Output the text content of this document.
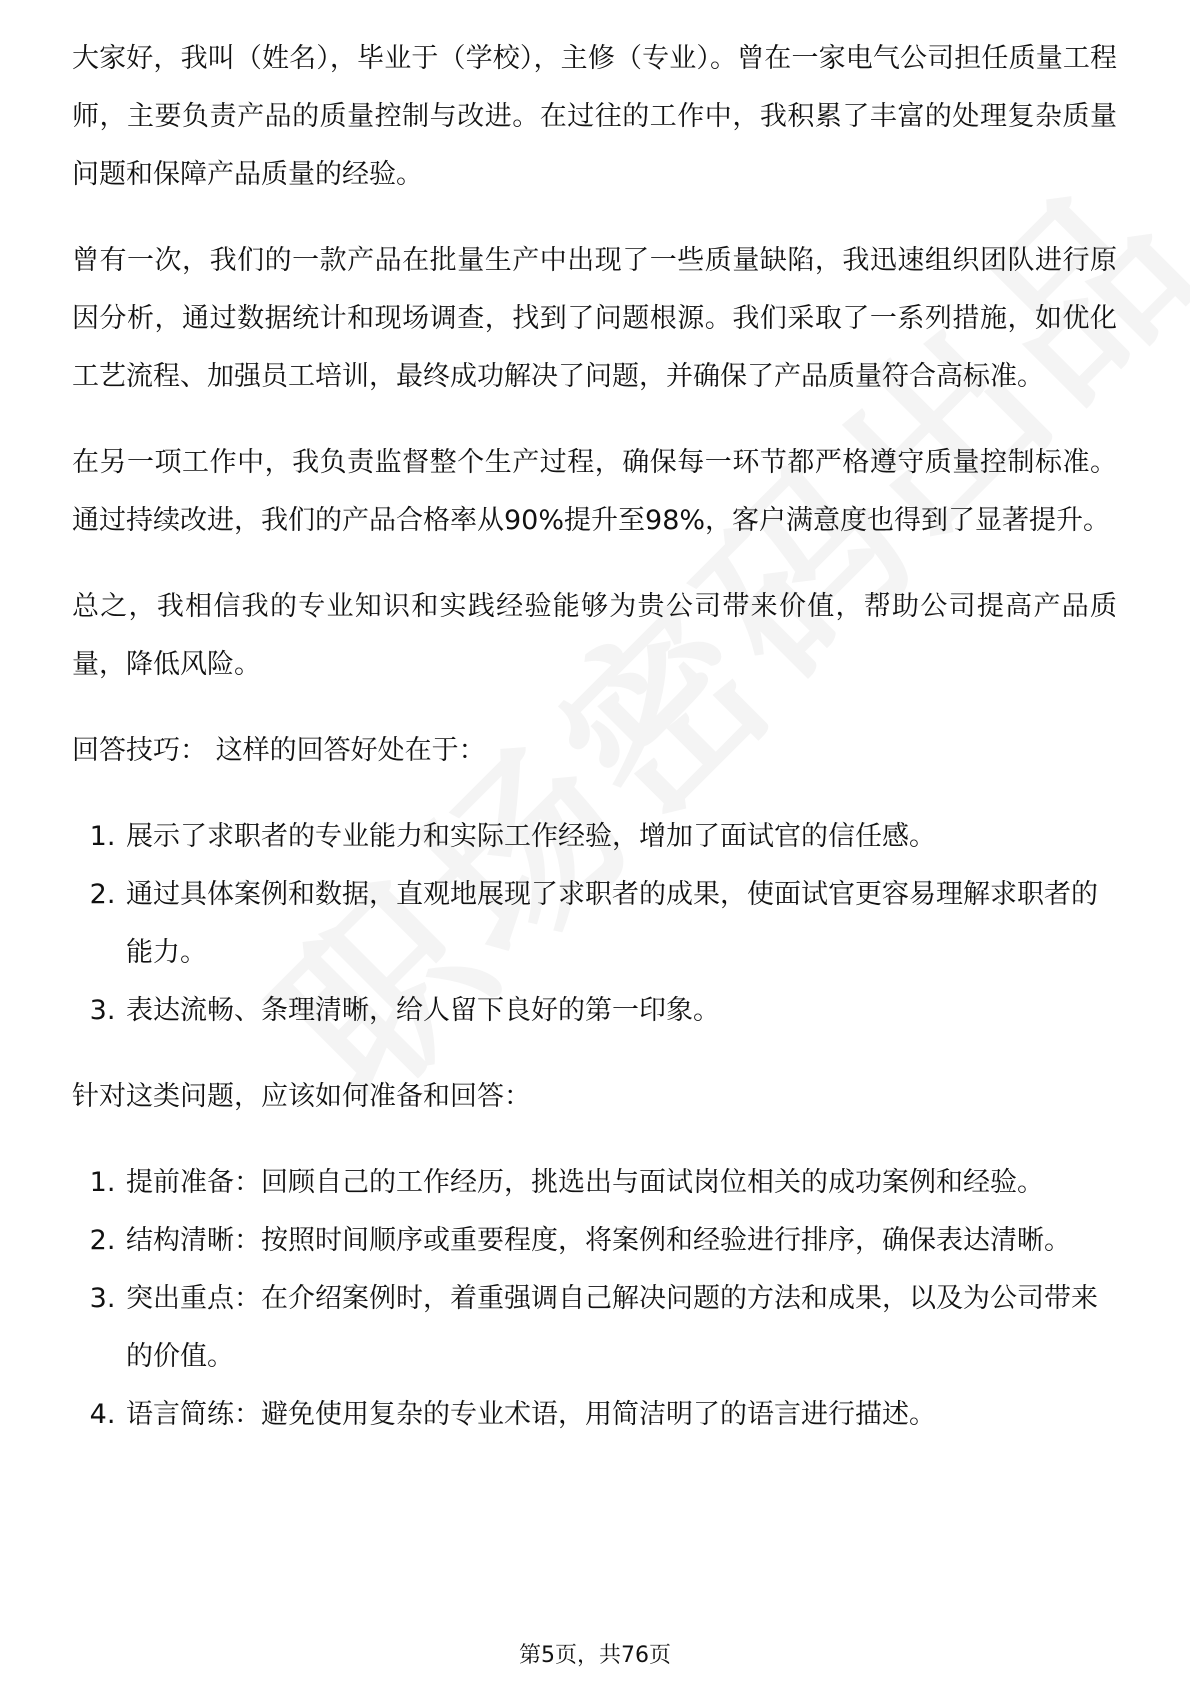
大家好，我叫（姓名），毕业于（学校），主修（专业）。曾在一家电气公司担任质量工程师，主要负责产品的质量控制与改进。在过往的工作中，我积累了丰富的处理复杂质量问题和保障产品质量的经验。

曾有一次，我们的一款产品在批量生产中出现了一些质量缺陷，我迅速组织团队进行原因分析，通过数据统计和现场调查，找到了问题根源。我们采取了一系列措施，如优化工艺流程、加强员工培训，最终成功解决了问题，并确保了产品质量符合高标准。

在另一项工作中，我负责监督整个生产过程，确保每一环节都严格遵守质量控制标准。通过持续改进，我们的产品合格率从90%提升至98%，客户满意度也得到了显著提升。

总之，我相信我的专业知识和实践经验能够为贵公司带来价值，帮助公司提高产品质量，降低风险。

回答技巧： 这样的回答好处在于：

1. 展示了求职者的专业能力和实际工作经验，增加了面试官的信任感。
2. 通过具体案例和数据，直观地展现了求职者的成果，使面试官更容易理解求职者的能力。
3. 表达流畅、条理清晰，给人留下良好的第一印象。

针对这类问题，应该如何准备和回答：

1. 提前准备：回顾自己的工作经历，挑选出与面试岗位相关的成功案例和经验。
2. 结构清晰：按照时间顺序或重要程度，将案例和经验进行排序，确保表达清晰。
3. 突出重点：在介绍案例时，着重强调自己解决问题的方法和成果，以及为公司带来的价值。
4. 语言简练：避免使用复杂的专业术语，用简洁明了的语言进行描述。
第5页，共76页
